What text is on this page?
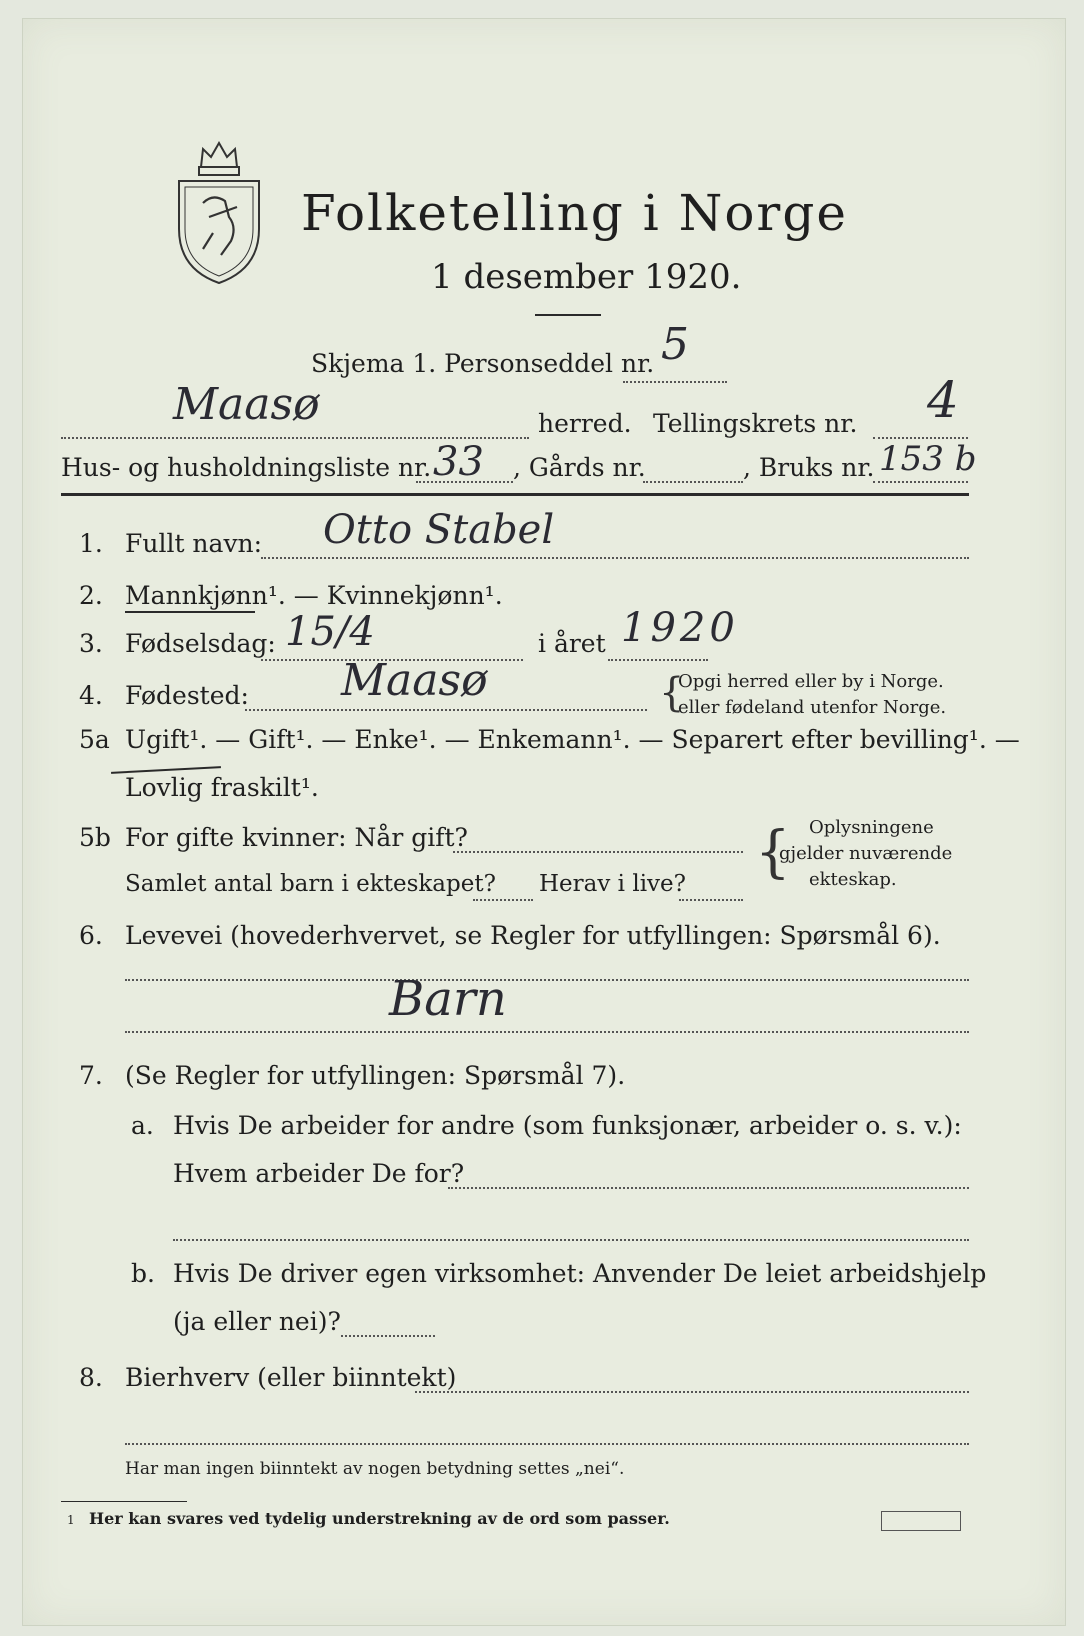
Folketelling i Norge
1 desember 1920.
Skjema 1. Personseddel nr. 5
Maasø	herred. Tellingskrets nr. 4
Hus- og husholdningsliste nr. 33 , Gårds nr.	, Bruks nr. 153 b
1. Fullt navn: Otto Stabel
2. Mannkjønn¹. — Kvinnekjønn¹.
3. Fødselsdag: 15/4	i året 1920
4. Fødested: Maasø	{
Opgi herred eller by i Norge.
eller fødeland utenfor Norge.
5a Ugift¹. — Gift¹. — Enke¹. — Enkemann¹. — Separert efter bevilling¹. —
Lovlig fraskilt¹.
5b For gifte kvinner: Når gift?
Samlet antal barn i ekteskapet? Herav i live? { Oplysningene
gjelder nuværende
ekteskap.
6. Levevei (hovederhvervet, se Regler for utfyllingen: Spørsmål 6).
Barn
7. (Se Regler for utfyllingen: Spørsmål 7).
a. Hvis De arbeider for andre (som funksjonær, arbeider o. s. v.):
Hvem arbeider De for?
b. Hvis De driver egen virksomhet: Anvender De leiet arbeidshjelp
(ja eller nei)?
8. Bierhverv (eller biinntekt)
Har man ingen biinntekt av nogen betydning settes „nei“.
1 Her kan svares ved tydelig understrekning av de ord som passer.
